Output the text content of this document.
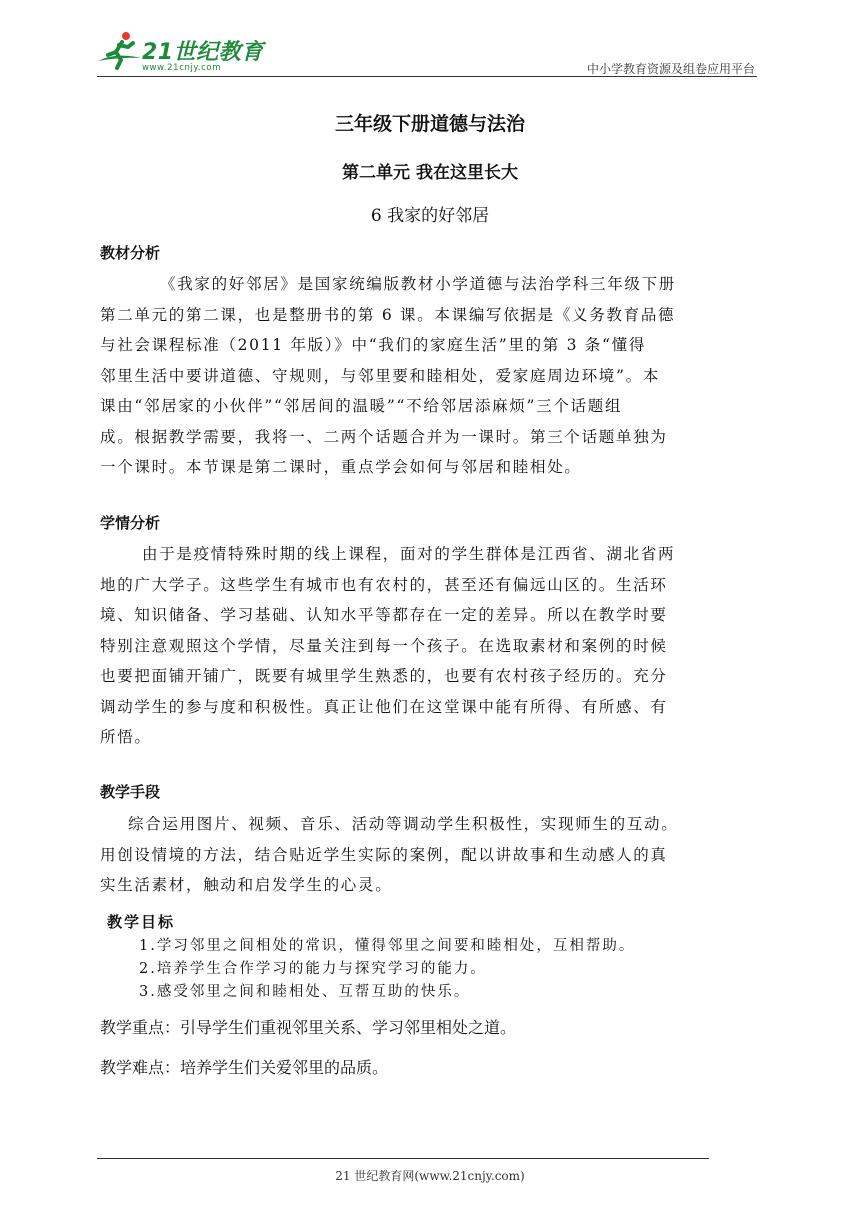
21世纪教育
www.21cnjy.com	中小学教育资源及组卷应用平台
三年级下册道德与法治
第二单元 我在这里长大
6 我家的好邻居
教材分析
《我家的好邻居》是国家统编版教材小学道德与法治学科三年级下册
第二单元的第二课，也是整册书的第 6 课。本课编写依据是《义务教育品德
与社会课程标准（2011 年版）》中“我们的家庭生活”里的第 3 条“懂得
邻里生活中要讲道德、守规则，与邻里要和睦相处，爱家庭周边环境”。本
课由“邻居家的小伙伴”“邻居间的温暖”“不给邻居添麻烦”三个话题组
成。根据教学需要，我将一、二两个话题合并为一课时。第三个话题单独为
一个课时。本节课是第二课时，重点学会如何与邻居和睦相处。
学情分析
由于是疫情特殊时期的线上课程，面对的学生群体是江西省、湖北省两
地的广大学子。这些学生有城市也有农村的，甚至还有偏远山区的。生活环
境、知识储备、学习基础、认知水平等都存在一定的差异。所以在教学时要
特别注意观照这个学情，尽量关注到每一个孩子。在选取素材和案例的时候
也要把面铺开铺广，既要有城里学生熟悉的，也要有农村孩子经历的。充分
调动学生的参与度和积极性。真正让他们在这堂课中能有所得、有所感、有
所悟。
教学手段
综合运用图片、视频、音乐、活动等调动学生积极性，实现师生的互动。
用创设情境的方法，结合贴近学生实际的案例，配以讲故事和生动感人的真
实生活素材，触动和启发学生的心灵。
教学目标
1.学习邻里之间相处的常识，懂得邻里之间要和睦相处，互相帮助。
2.培养学生合作学习的能力与探究学习的能力。
3.感受邻里之间和睦相处、互帮互助的快乐。
教学重点：引导学生们重视邻里关系、学习邻里相处之道。
教学难点：培养学生们关爱邻里的品质。
21 世纪教育网(www.21cnjy.com)
